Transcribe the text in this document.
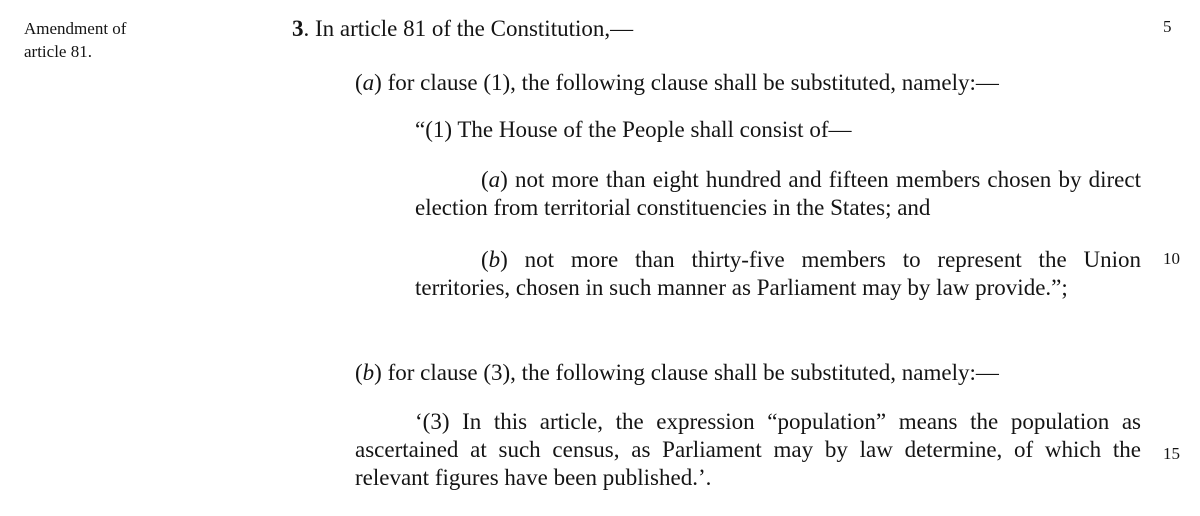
Amendment of
article 81.
5
10
15
3. In article 81 of the Constitution,—
(a) for clause (1), the following clause shall be substituted, namely:—
“(1) The House of the People shall consist of—
(a) not more than eight hundred and fifteen members chosen by direct election from territorial constituencies in the States; and
(b) not more than thirty-five members to represent the Union territories, chosen in such manner as Parliament may by law provide.”;
(b) for clause (3), the following clause shall be substituted, namely:—
‘(3) In this article, the expression “population” means the population as ascertained at such census, as Parliament may by law determine, of which the relevant figures have been published.’.
